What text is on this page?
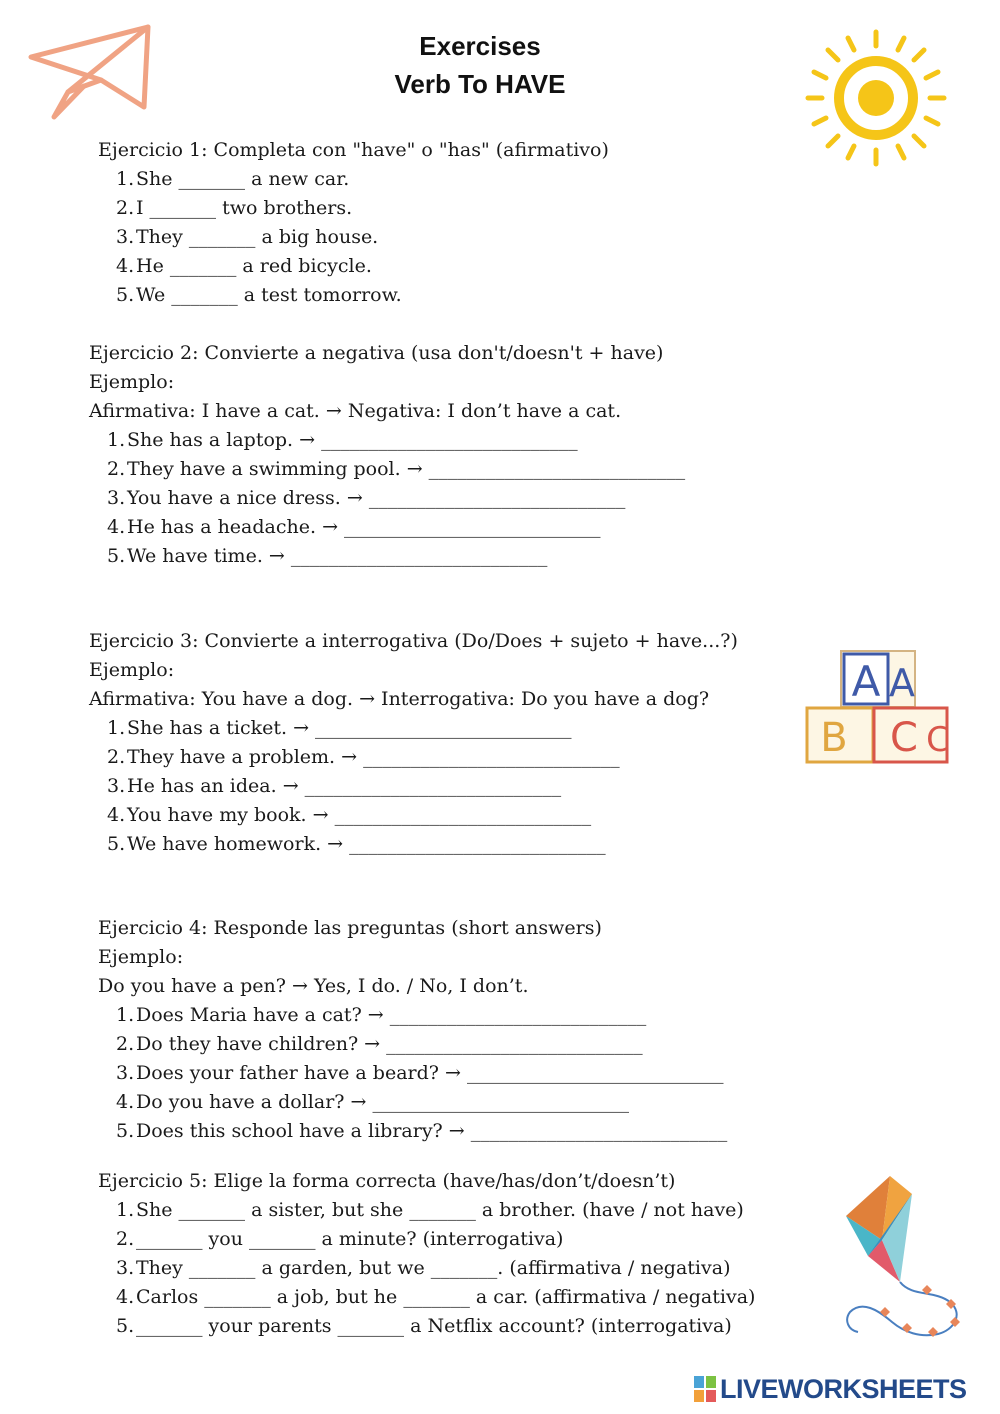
Exercises
Verb To HAVE
Ejercicio 1: Completa con "have" o "has" (afirmativo)
1.She _______ a new car.
2.I _______ two brothers.
3.They _______ a big house.
4.He _______ a red bicycle.
5.We _______ a test tomorrow.
Ejercicio 2: Convierte a negativa (usa don't/doesn't + have)
Ejemplo:
Afirmativa: I have a cat. → Negativa: I don’t have a cat.
1.She has a laptop. → ___________________________
2.They have a swimming pool. → ___________________________
3.You have a nice dress. → ___________________________
4.He has a headache. → ___________________________
5.We have time. → ___________________________
Ejercicio 3: Convierte a interrogativa (Do/Does + sujeto + have...?)
Ejemplo:
Afirmativa: You have a dog. → Interrogativa: Do you have a dog?
1.She has a ticket. → ___________________________
2.They have a problem. → ___________________________
3.He has an idea. → ___________________________
4.You have my book. → ___________________________
5.We have homework. → ___________________________
A A
B C C
Ejercicio 4: Responde las preguntas (short answers)
Ejemplo:
Do you have a pen? → Yes, I do. / No, I don’t.
1.Does Maria have a cat? → ___________________________
2.Do they have children? → ___________________________
3.Does your father have a beard? → ___________________________
4.Do you have a dollar? → ___________________________
5.Does this school have a library? → ___________________________
Ejercicio 5: Elige la forma correcta (have/has/don’t/doesn’t)
1.She _______ a sister, but she _______ a brother. (have / not have)
2._______ you _______ a minute? (interrogativa)
3.They _______ a garden, but we _______. (affirmativa / negativa)
4.Carlos _______ a job, but he _______ a car. (affirmativa / negativa)
5._______ your parents _______ a Netflix account? (interrogativa)
LIVEWORKSHEETS
